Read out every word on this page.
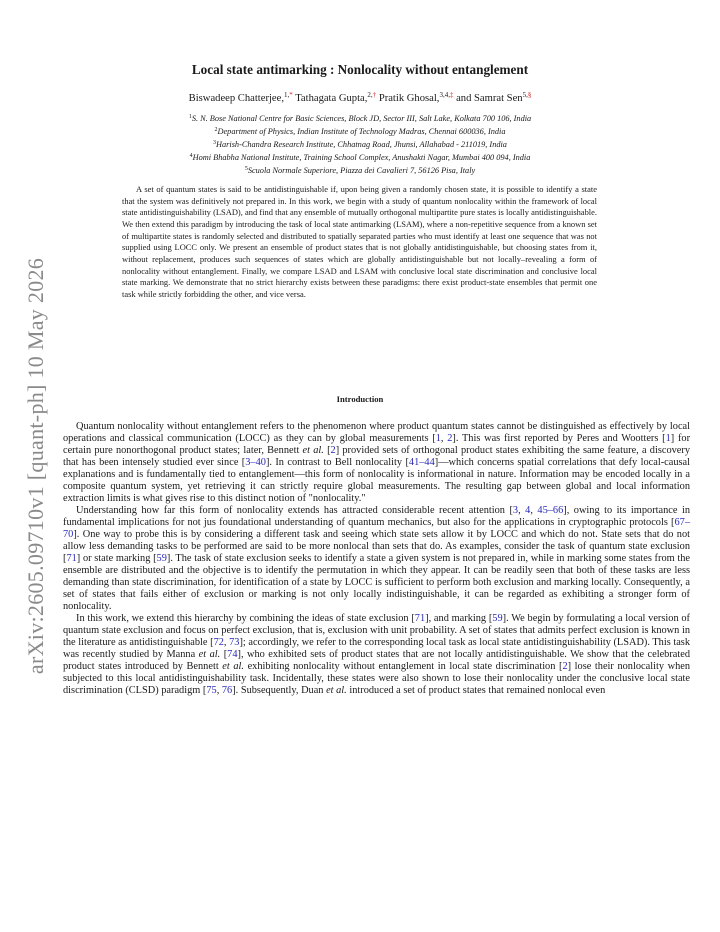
arXiv:2605.09710v1 [quant-ph] 10 May 2026
Local state antimarking : Nonlocality without entanglement
Biswadeep Chatterjee,$^{1,*}$ Tathagata Gupta,$^{2,\dagger}$ Pratik Ghosal,$^{3,4,\ddagger}$ and Samrat Sen$^{5,\S}$
$^1$S. N. Bose National Centre for Basic Sciences, Block JD, Sector III, Salt Lake, Kolkata 700 106, India
$^2$Department of Physics, Indian Institute of Technology Madras, Chennai 600036, India
$^3$Harish-Chandra Research Institute, Chhatnag Road, Jhunsi, Allahabad - 211019, India
$^4$Homi Bhabha National Institute, Training School Complex, Anushakti Nagar, Mumbai 400 094, India
$^5$Scuola Normale Superiore, Piazza dei Cavalieri 7, 56126 Pisa, Italy

A set of quantum states is said to be antidistinguishable if, upon being given a randomly chosen state, it is possible to identify a state that the system was definitively not prepared in. In this work, we begin with a study of quantum nonlocality within the framework of local state antidistinguishability (LSAD), and find that any ensemble of mutually orthogonal multipartite pure states is locally antidistinguishable. We then extend this paradigm by introducing the task of local state antimarking (LSAM), where a non-repetitive sequence from a known set of multipartite states is randomly selected and distributed to spatially separated parties who must identify at least one sequence that was not supplied using LOCC only. We present an ensemble of product states that is not globally antidistinguishable, but choosing states from it, without replacement, produces such sequences of states which are globally antidistinguishable but not locally–revealing a form of nonlocality without entanglement. Finally, we compare LSAD and LSAM with conclusive local state discrimination and conclusive local state marking. We demonstrate that no strict hierarchy exists between these paradigms: there exist product-state ensembles that permit one task while strictly forbidding the other, and vice versa.

Introduction

Quantum nonlocality without entanglement refers to the phenomenon where product quantum states cannot be distinguished as effectively by local operations and classical communication (LOCC) as they can by global measurements [1, 2]. This was first reported by Peres and Wootters [1] for certain pure nonorthogonal product states; later, Bennett et al. [2] provided sets of orthogonal product states exhibiting the same feature, a discovery that has been intensely studied ever since [3–40]. In contrast to Bell nonlocality [41–44]—which concerns spatial correlations that defy local-causal explanations and is fundamentally tied to entanglement—this form of nonlocality is informational in nature. Information may be encoded locally in a composite quantum system, yet retrieving it can strictly require global measurements. The resulting gap between global and local information extraction limits is what gives rise to this distinct notion of "nonlocality."

Understanding how far this form of nonlocality extends has attracted considerable recent attention [3, 4, 45–66], owing to its importance in fundamental implications for not jus foundational understanding of quantum mechanics, but also for the applications in cryptographic protocols [67–70]. One way to probe this is by considering a different task and seeing which state sets allow it by LOCC and which do not. State sets that do not allow less demanding tasks to be performed are said to be more nonlocal than sets that do. As examples, consider the task of quantum state exclusion [71] or state marking [59]. The task of state exclusion seeks to identify a state a given system is not prepared in, while in marking some states from the ensemble are distributed and the objective is to identify the permutation in which they appear. It can be readily seen that both of these tasks are less demanding than state discrimination, for identification of a state by LOCC is sufficient to perform both exclusion and marking locally. Consequently, a set of states that fails either of exclusion or marking is not only locally indistinguishable, it can be regarded as exhibiting a stronger form of nonlocality.

In this work, we extend this hierarchy by combining the ideas of state exclusion [71], and marking [59]. We begin by formulating a local version of quantum state exclusion and focus on perfect exclusion, that is, exclusion with unit probability. A set of states that admits perfect exclusion is known in the literature as antidistinguishable [72, 73]; accordingly, we refer to the corresponding local task as local state antidistinguishability (LSAD). This task was recently studied by Manna et al. [74], who exhibited sets of product states that are not locally antidistinguishable. We show that the celebrated product states introduced by Bennett et al. exhibiting nonlocality without entanglement in local state discrimination [2] lose their nonlocality when subjected to this local antidistinguishability task. Incidentally, these states were also shown to lose their nonlocality under the conclusive local state discrimination (CLSD) paradigm [75, 76]. Subsequently, Duan et al. introduced a set of product states that remained nonlocal even
